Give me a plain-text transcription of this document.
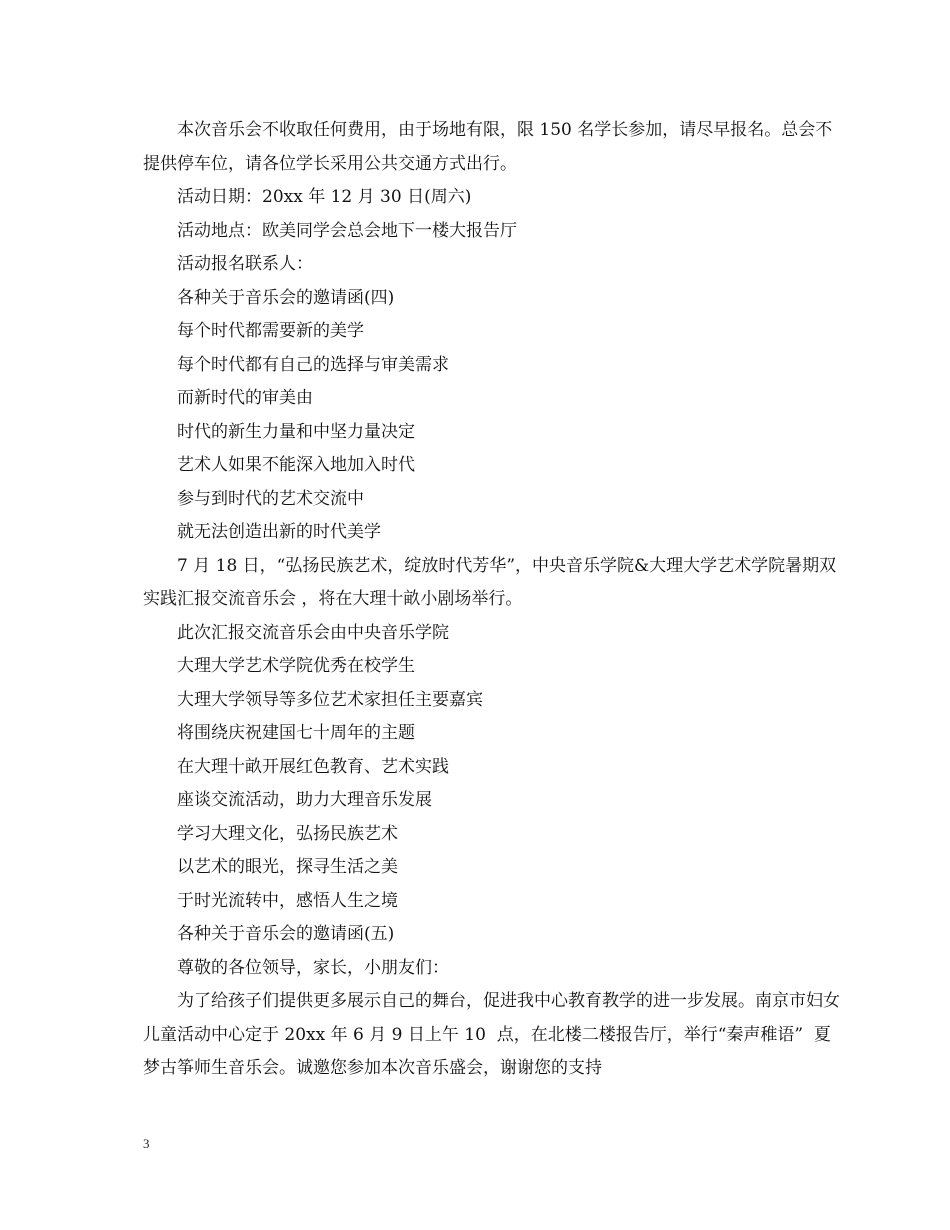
本次音乐会不收取任何费用，由于场地有限，限 150 名学长参加，请尽早报名。总会不提供停车位，请各位学长采用公共交通方式出行。

活动日期：20xx 年 12 月 30 日(周六)

活动地点：欧美同学会总会地下一楼大报告厅

活动报名联系人：

各种关于音乐会的邀请函(四)

每个时代都需要新的美学

每个时代都有自己的选择与审美需求

而新时代的审美由

时代的新生力量和中坚力量决定

艺术人如果不能深入地加入时代

参与到时代的艺术交流中

就无法创造出新的时代美学

7 月 18 日，“弘扬民族艺术，绽放时代芳华”，中央音乐学院&大理大学艺术学院暑期双实践汇报交流音乐会 ，将在大理十畝小剧场举行。

此次汇报交流音乐会由中央音乐学院

大理大学艺术学院优秀在校学生

大理大学领导等多位艺术家担任主要嘉宾

将围绕庆祝建国七十周年的主题

在大理十畝开展红色教育、艺术实践

座谈交流活动，助力大理音乐发展

学习大理文化，弘扬民族艺术

以艺术的眼光，探寻生活之美

于时光流转中，感悟人生之境

各种关于音乐会的邀请函(五)

尊敬的各位领导，家长，小朋友们：

为了给孩子们提供更多展示自己的舞台，促进我中心教育教学的进一步发展。南京市妇女儿童活动中心定于 20xx 年 6 月 9 日上午 10  点，在北楼二楼报告厅，举行“秦声稚语”  夏梦古筝师生音乐会。诚邀您参加本次音乐盛会，谢谢您的支持

3
